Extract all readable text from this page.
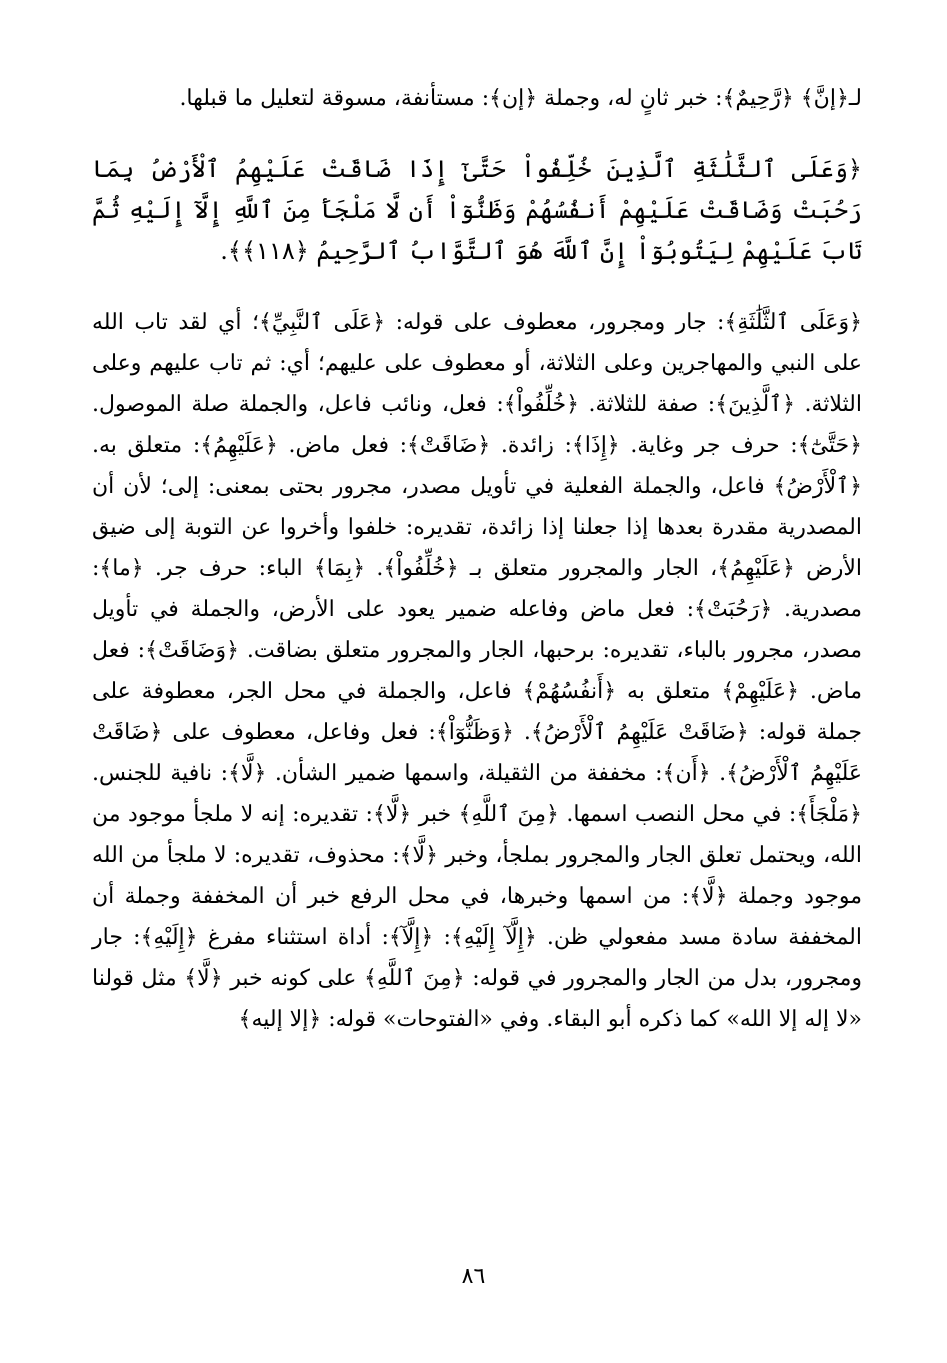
لـ﴿إنَّ﴾ ﴿رَّحِيمٌ﴾: خبر ثانٍ له، وجملة ﴿إن﴾: مستأنفة، مسوقة لتعليل ما قبلها.

﴿وَعَلَى ٱلثَّلَٰثَةِ ٱلَّذِينَ خُلِّفُواْ حَتَّىٰٓ إِذَا ضَاقَتْ عَلَيْهِمُ ٱلْأَرْضُ بِمَا رَحُبَتْ وَضَاقَتْ عَلَيْهِمْ أَنفُسُهُمْ وَظَنُّوٓاْ أَن لَّا مَلْجَأَ مِنَ ٱللَّهِ إِلَّآ إِلَيْهِ ثُمَّ تَابَ عَلَيْهِمْ لِيَتُوبُوٓاْ إِنَّ ٱللَّهَ هُوَ ٱلتَّوَّابُ ٱلرَّحِيمُ ﴿١١٨﴾﴾.

﴿وَعَلَى ٱلثَّلَٰثَةِ﴾: جار ومجرور، معطوف على قوله: ﴿عَلَى ٱلنَّبِيِّ﴾؛ أي لقد تاب الله على النبي والمهاجرين وعلى الثلاثة، أو معطوف على عليهم؛ أي: ثم تاب عليهم وعلى الثلاثة. ﴿ٱلَّذِينَ﴾: صفة للثلاثة. ﴿خُلِّفُواْ﴾: فعل، ونائب فاعل، والجملة صلة الموصول. ﴿حَتَّىٰٓ﴾: حرف جر وغاية. ﴿إِذَا﴾: زائدة. ﴿ضَاقَتْ﴾: فعل ماض. ﴿عَلَيْهِمُ﴾: متعلق به. ﴿ٱلْأَرْضُ﴾ فاعل، والجملة الفعلية في تأويل مصدر، مجرور بحتى بمعنى: إلى؛ لأن أن المصدرية مقدرة بعدها إذا جعلنا إذا زائدة، تقديره: خلفوا وأخروا عن التوبة إلى ضيق الأرض ﴿عَلَيْهِمُ﴾، الجار والمجرور متعلق بـ ﴿خُلِّفُواْ﴾. ﴿بِمَا﴾ الباء: حرف جر. ﴿ما﴾: مصدرية. ﴿رَحُبَتْ﴾: فعل ماض وفاعله ضمير يعود على الأرض، والجملة في تأويل مصدر، مجرور بالباء، تقديره: برحبها، الجار والمجرور متعلق بضاقت. ﴿وَضَاقَتْ﴾: فعل ماض. ﴿عَلَيْهِمْ﴾ متعلق به ﴿أَنفُسُهُمْ﴾ فاعل، والجملة في محل الجر، معطوفة على جملة قوله: ﴿ضَاقَتْ عَلَيْهِمُ ٱلْأَرْضُ﴾. ﴿وَظَنُّوٓاْ﴾: فعل وفاعل، معطوف على ﴿ضَاقَتْ عَلَيْهِمُ ٱلْأَرْضُ﴾. ﴿أَن﴾: مخففة من الثقيلة، واسمها ضمير الشأن. ﴿لَّا﴾: نافية للجنس. ﴿مَلْجَأَ﴾: في محل النصب اسمها. ﴿مِنَ ٱللَّهِ﴾ خبر ﴿لَّا﴾: تقديره: إنه لا ملجأ موجود من الله، ويحتمل تعلق الجار والمجرور بملجأ، وخبر ﴿لَّا﴾: محذوف، تقديره: لا ملجأ من الله موجود وجملة ﴿لَّا﴾: من اسمها وخبرها، في محل الرفع خبر أن المخففة وجملة أن المخففة سادة مسد مفعولي ظن. ﴿إِلَّآ إِلَيْهِ﴾: ﴿إِلَّآ﴾: أداة استثناء مفرغ ﴿إِلَيْهِ﴾: جار ومجرور، بدل من الجار والمجرور في قوله: ﴿مِنَ ٱللَّهِ﴾ على كونه خبر ﴿لَّا﴾ مثل قولنا «لا إله إلا الله» كما ذكره أبو البقاء. وفي «الفتوحات» قوله: ﴿إلا إليه﴾

٨٦
